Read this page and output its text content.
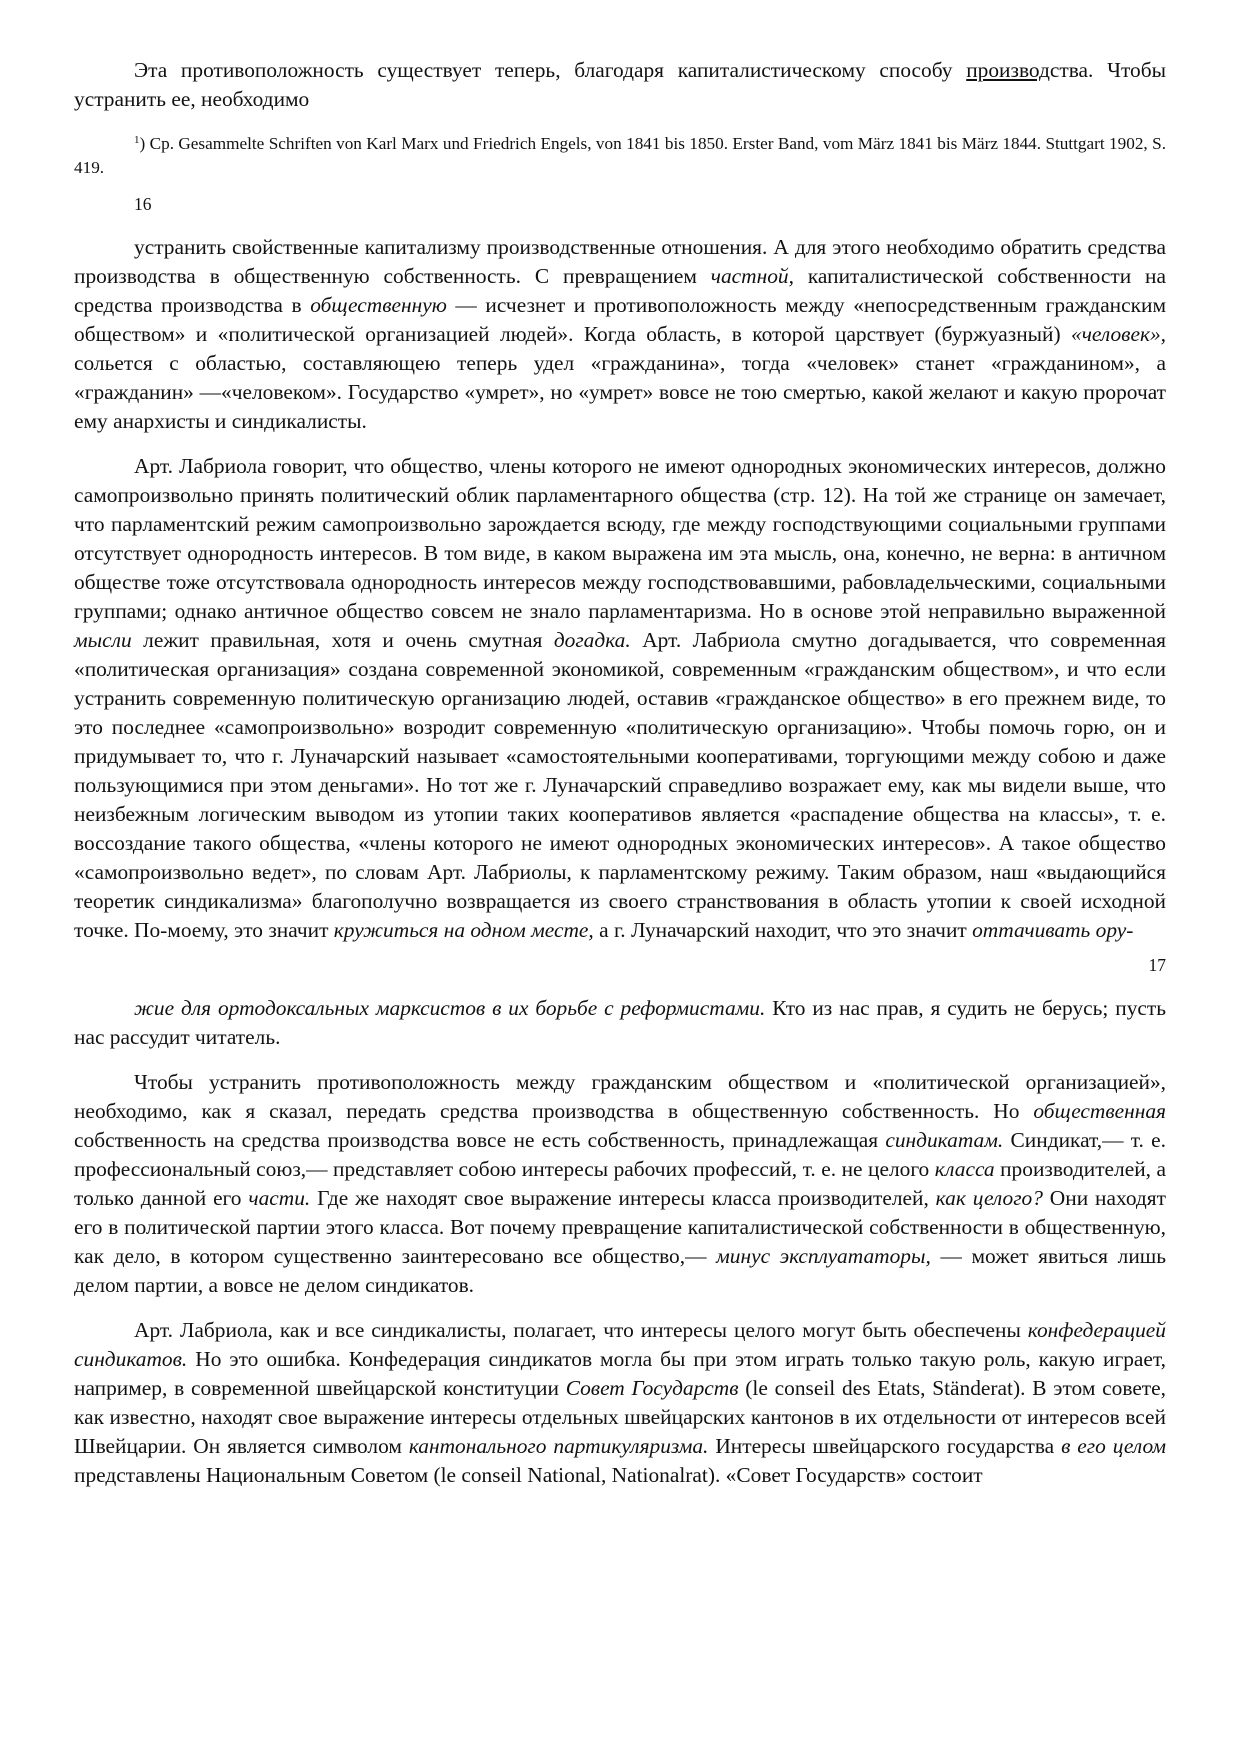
Эта противоположность существует теперь, благодаря капиталистическому способу производства. Чтобы устранить ее, необходимо

$^1$) Cp. Gesammelte Schriften von Karl Marx und Friedrich Engels, von 1841 bis 1850. Erster Band, vom März 1841 bis März 1844. Stuttgart 1902, S. 419.

16

устранить свойственные капитализму производственные отношения. А для этого необходимо обратить средства производства в общественную собственность. С превращением частной, капиталистической собственности на средства производства в общественную — исчезнет и противоположность между «непосредственным гражданским обществом» и «политической организацией людей». Когда область, в которой царствует (буржуазный) «человек», сольется с областью, составляющею теперь удел «гражданина», тогда «человек» станет «гражданином», а «гражданин» —«человеком». Государство «умрет», но «умрет» вовсе не тою смертью, какой желают и какую пророчат ему анархисты и синдикалисты.

Арт. Лабриола говорит, что общество, члены которого не имеют однородных экономических интересов, должно самопроизвольно принять политический облик парламентарного общества (стр. 12). На той же странице он замечает, что парламентский режим самопроизвольно зарождается всюду, где между господствующими социальными группами отсутствует однородность интересов. В том виде, в каком выражена им эта мысль, она, конечно, не верна: в античном обществе тоже отсутствовала однородность интересов между господствовавшими, рабовладельческими, социальными группами; однако античное общество совсем не знало парламентаризма. Но в основе этой неправильно выраженной мысли лежит правильная, хотя и очень смутная догадка. Арт. Лабриола смутно догадывается, что современная «политическая организация» создана современной экономикой, современным «гражданским обществом», и что если устранить современную политическую организацию людей, оставив «гражданское общество» в его прежнем виде, то это последнее «самопроизвольно» возродит современную «политическую организацию». Чтобы помочь горю, он и придумывает то, что г. Луначарский называет «самостоятельными кооперативами, торгующими между собою и даже пользующимися при этом деньгами». Но тот же г. Луначарский справедливо возражает ему, как мы видели выше, что неизбежным логическим выводом из утопии таких кооперативов является «распадение общества на классы», т. е. воссоздание такого общества, «члены которого не имеют однородных экономических интересов». А такое общество «самопроизвольно ведет», по словам Арт. Лабриолы, к парламентскому режиму. Таким образом, наш «выдающийся теоретик синдикализма» благополучно возвращается из своего странствования в область утопии к своей исходной точке. По-моему, это значит кружиться на одном месте, а г. Луначарский находит, что это значит оттачивать ору-

17

жие для ортодоксальных марксистов в их борьбе с реформистами. Кто из нас прав, я судить не берусь; пусть нас рассудит читатель.

Чтобы устранить противоположность между гражданским обществом и «политической организацией», необходимо, как я сказал, передать средства производства в общественную собственность. Но общественная собственность на средства производства вовсе не есть собственность, принадлежащая синдикатам. Синдикат,— т. е. профессиональный союз,— представляет собою интересы рабочих профессий, т. е. не целого класса производителей, а только данной его части. Где же находят свое выражение интересы класса производителей, как целого? Они находят его в политической партии этого класса. Вот почему превращение капиталистической собственности в общественную, как дело, в котором существенно заинтересовано все общество,— минус эксплуататоры, — может явиться лишь делом партии, а вовсе не делом синдикатов.

Арт. Лабриола, как и все синдикалисты, полагает, что интересы целого могут быть обеспечены конфедерацией синдикатов. Но это ошибка. Конфедерация синдикатов могла бы при этом играть только такую роль, какую играет, например, в современной швейцарской конституции Совет Государств (le conseil des Etats, Ständerat). В этом совете, как известно, находят свое выражение интересы отдельных швейцарских кантонов в их отдельности от интересов всей Швейцарии. Он является символом кантонального партикуляризма. Интересы швейцарского государства в его целом представлены Национальным Советом (le conseil National, Nationalrat). «Совет Государств» состоит
